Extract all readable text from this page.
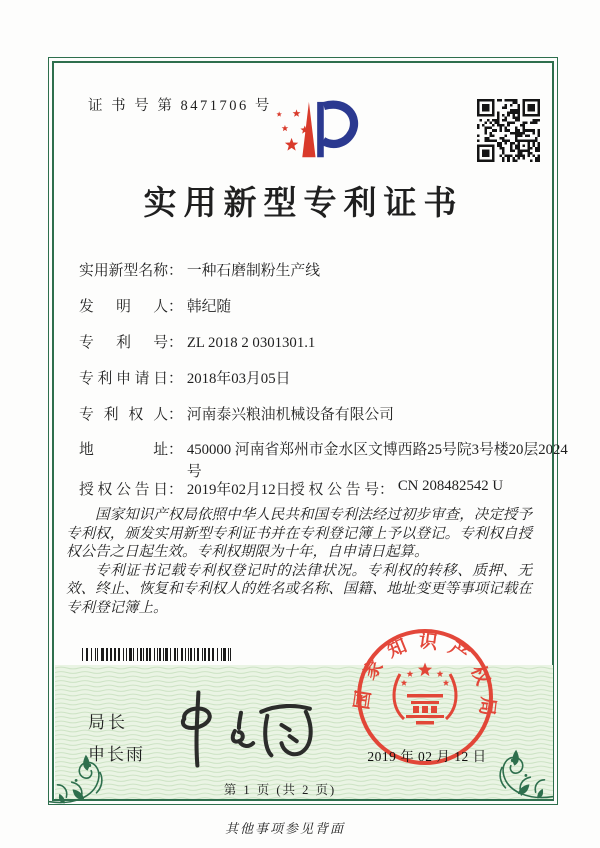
证 书 号 第 8471706 号
实用新型专利证书
实用新型名称： 一种石磨制粉生产线
发明人： 韩纪随
专利号： ZL 2018 2 0301301.1
专利申请日： 2018年03月05日
专利权人： 河南泰兴粮油机械设备有限公司
地址： 450000 河南省郑州市金水区文博西路25号院3号楼20层2024号
授权公告日： 2019年02月12日 授权公告号： CN 208482542 U

国家知识产权局依照中华人民共和国专利法经过初步审查，决定授予专利权，颁发实用新型专利证书并在专利登记簿上予以登记。专利权自授权公告之日起生效。专利权期限为十年，自申请日起算。

专利证书记载专利权登记时的法律状况。专利权的转移、质押、无效、终止、恢复和专利权人的姓名或名称、国籍、地址变更等事项记载在专利登记簿上。

局长
申长雨
国家知识产权局
2019 年 02 月 12 日
第 1 页 (共 2 页)
其他事项参见背面
